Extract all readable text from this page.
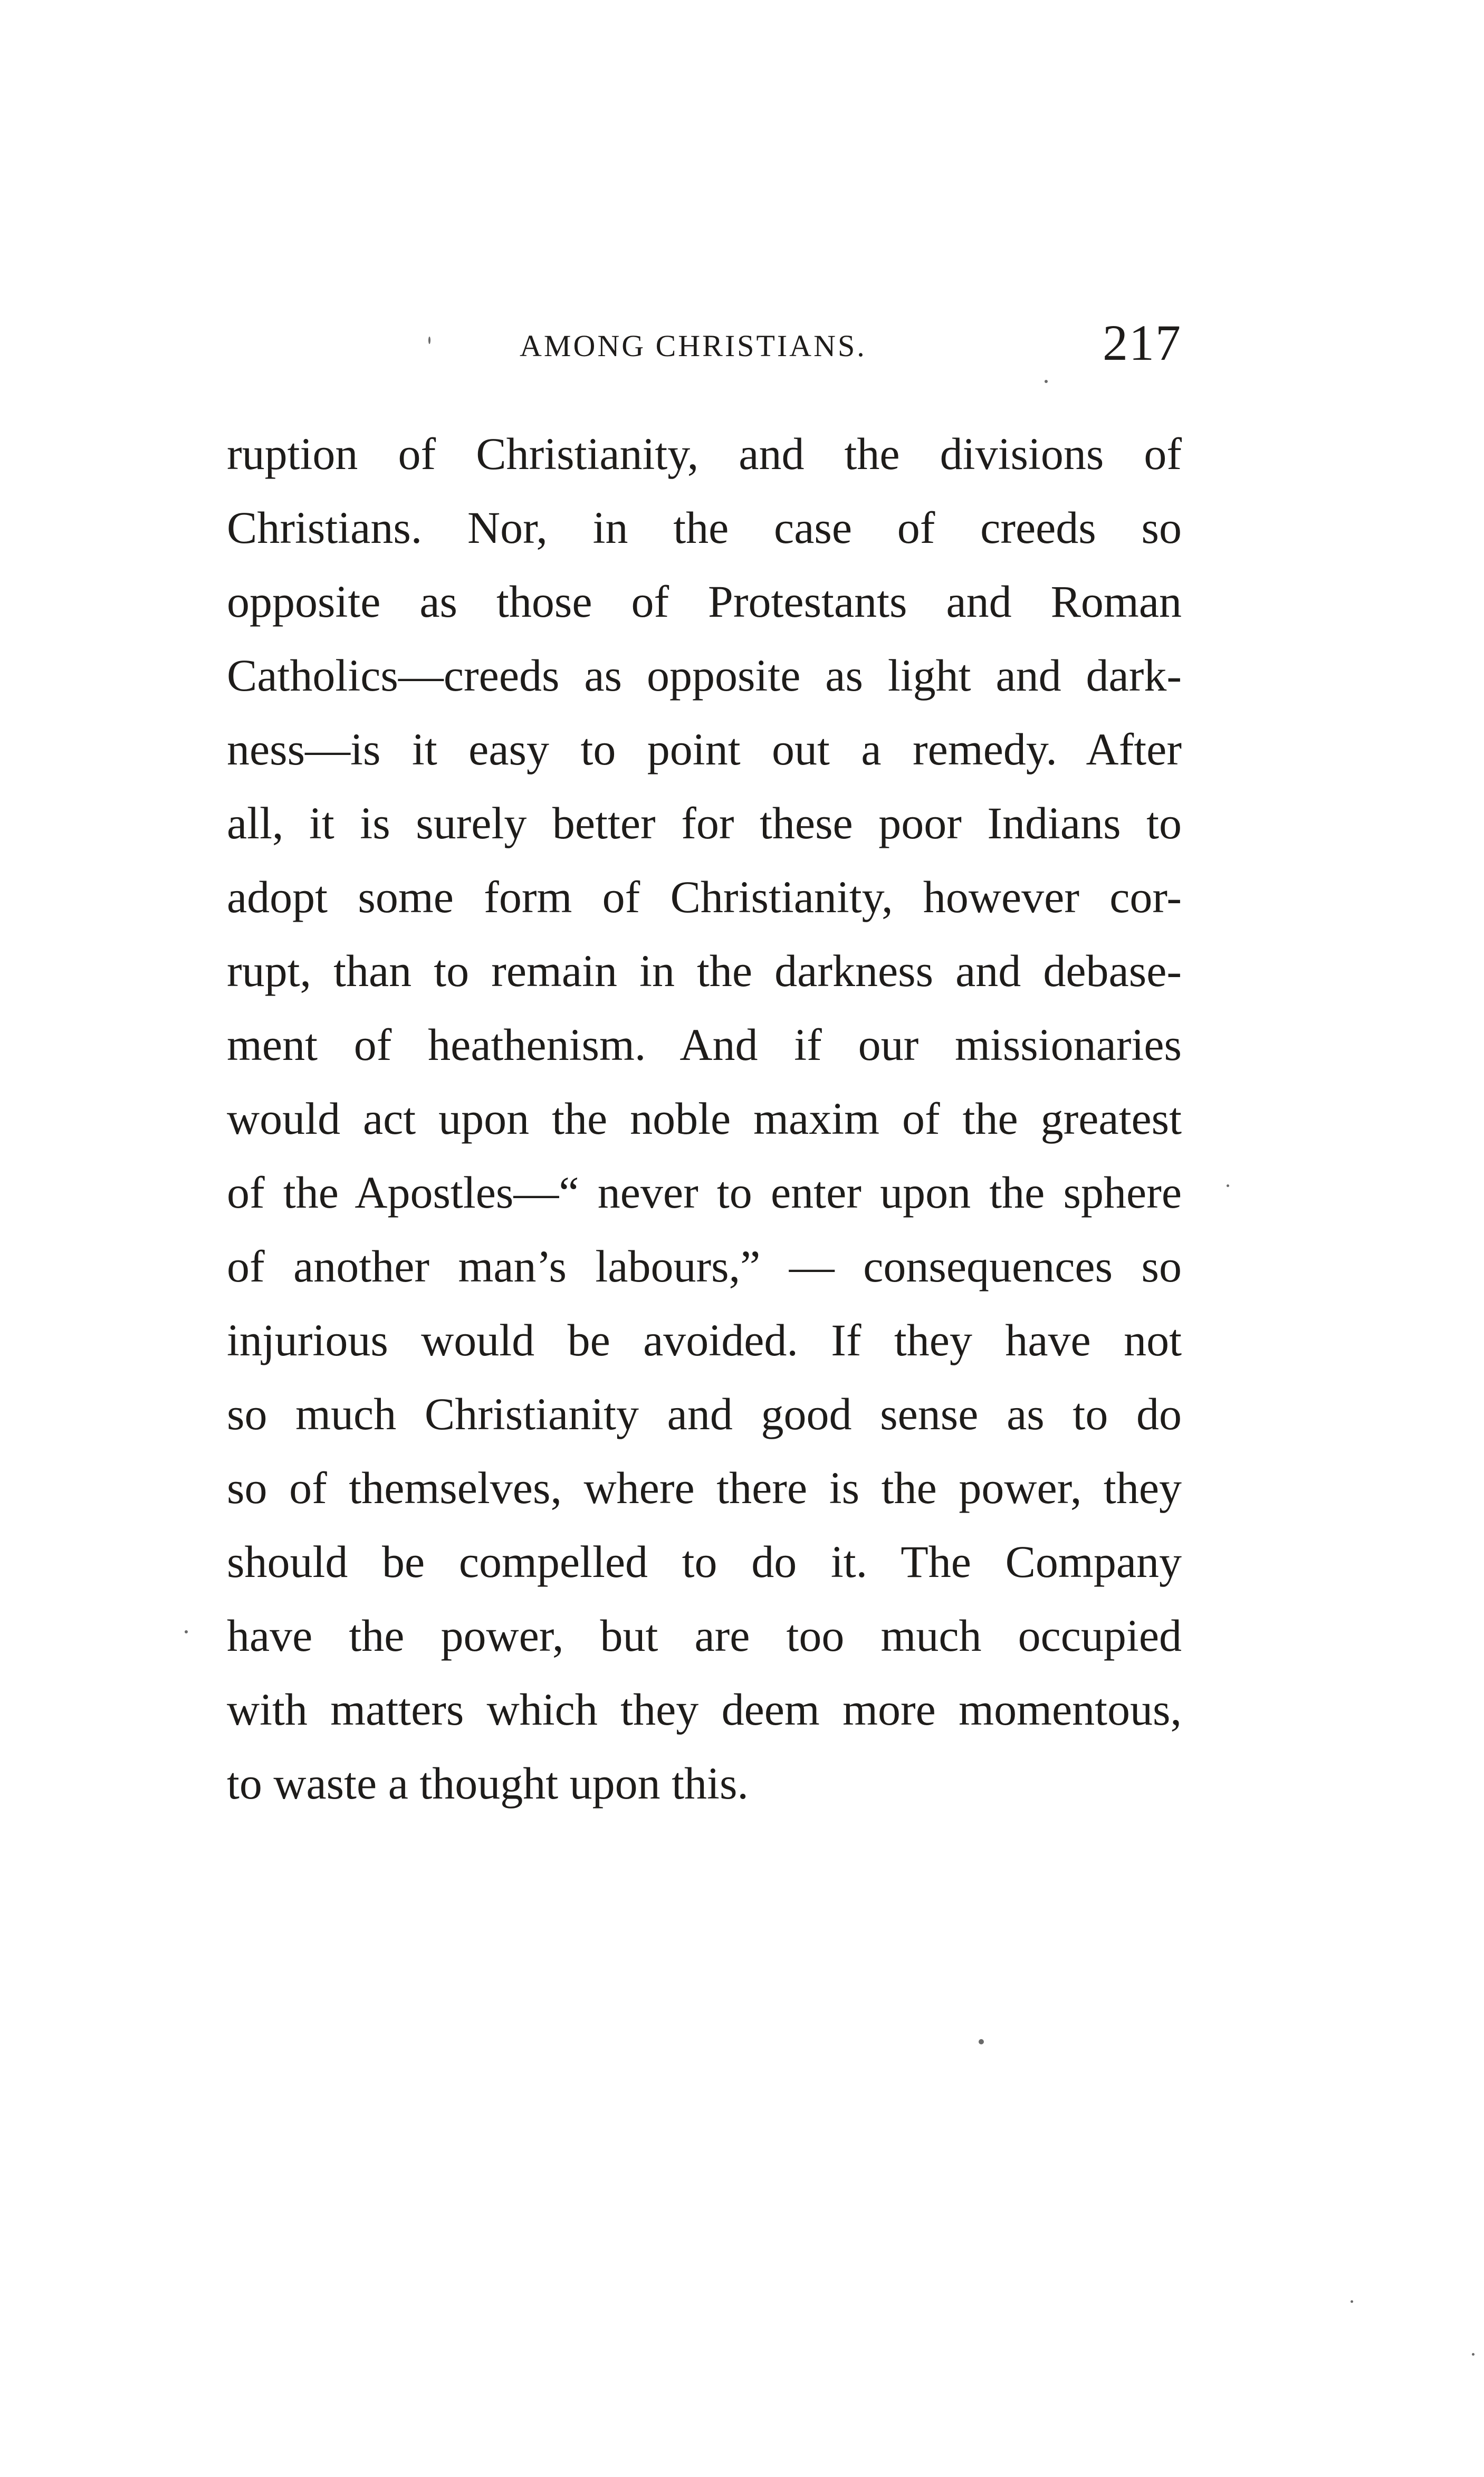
AMONG CHRISTIANS.	217
ruption of Christianity, and the divisions of
Christians. Nor, in the case of creeds so
opposite as those of Protestants and Roman
Catholics—creeds as opposite as light and dark-
ness—is it easy to point out a remedy. After
all, it is surely better for these poor Indians to
adopt some form of Christianity, however cor-
rupt, than to remain in the darkness and debase-
ment of heathenism. And if our missionaries
would act upon the noble maxim of the greatest
of the Apostles—“ never to enter upon the sphere
of another man’s labours,” — consequences so
injurious would be avoided. If they have not
so much Christianity and good sense as to do
so of themselves, where there is the power, they
should be compelled to do it. The Company
have the power, but are too much occupied
with matters which they deem more momentous,
to waste a thought upon this.
